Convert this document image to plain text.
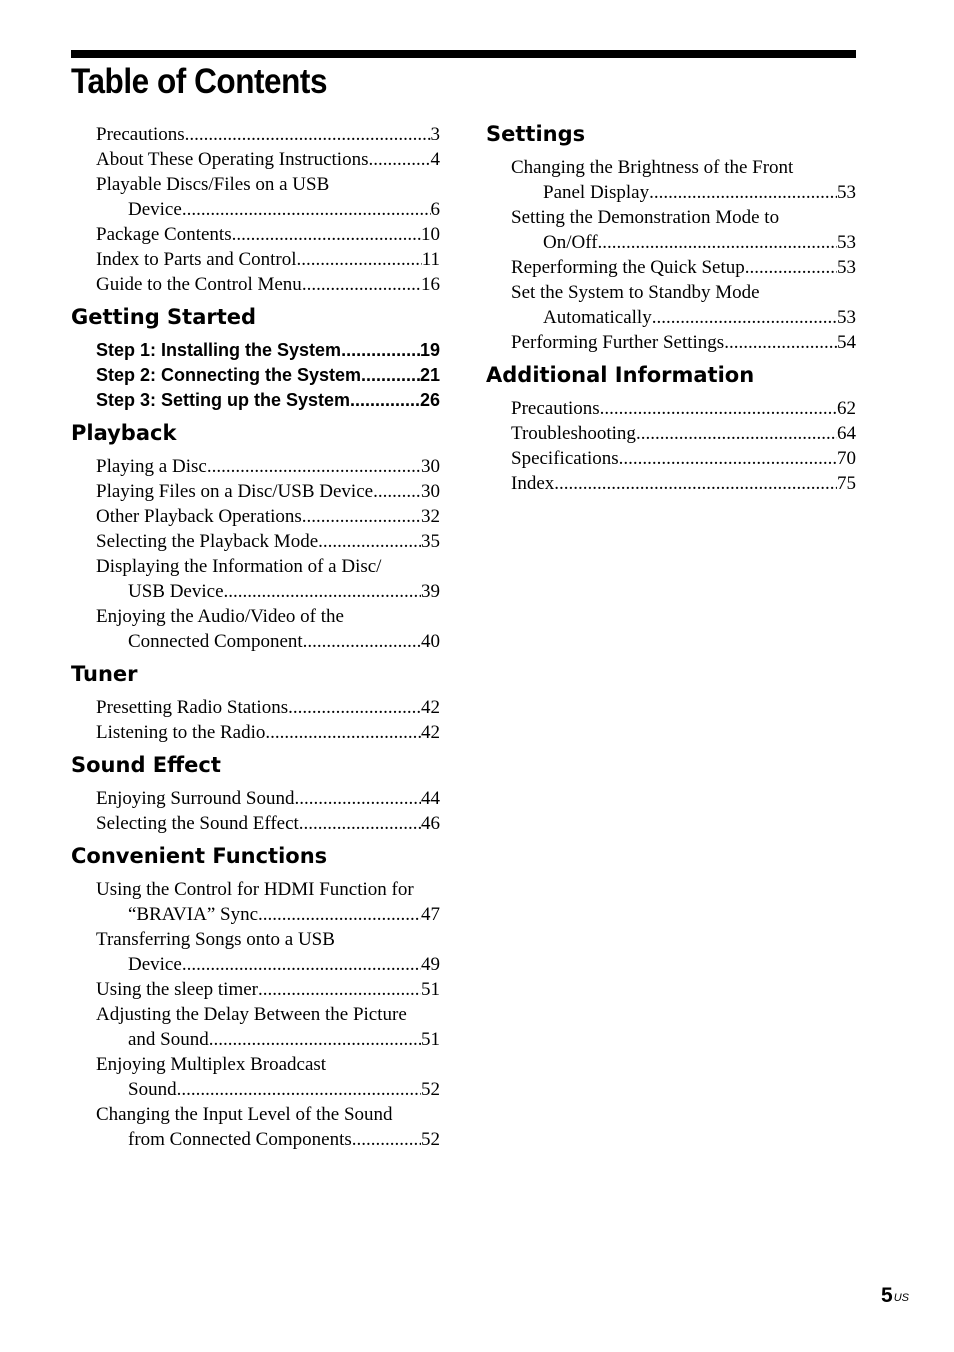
Table of Contents
Precautions .....	3
About These Operating Instructions .....	4
Playable Discs/Files on a USB
Device .....	6
Package Contents .....	10
Index to Parts and Control .....	11
Guide to the Control Menu .....	16
Getting Started
Step 1: Installing the System .....	19
Step 2: Connecting the System .....	21
Step 3: Setting up the System .....	26
Playback
Playing a Disc .....	30
Playing Files on a Disc/USB Device .....	30
Other Playback Operations .....	32
Selecting the Playback Mode .....	35
Displaying the Information of a Disc/
USB Device .....	39
Enjoying the Audio/Video of the
Connected Component .....	40
Tuner
Presetting Radio Stations .....	42
Listening to the Radio .....	42
Sound Effect
Enjoying Surround Sound .....	44
Selecting the Sound Effect .....	46
Convenient Functions
Using the Control for HDMI Function for
“BRAVIA” Sync .....	47
Transferring Songs onto a USB
Device .....	49
Using the sleep timer .....	51
Adjusting the Delay Between the Picture
and Sound .....	51
Enjoying Multiplex Broadcast
Sound .....	52
Changing the Input Level of the Sound
from Connected Components .....	52
Settings
Changing the Brightness of the Front
Panel Display .....	53
Setting the Demonstration Mode to
On/Off .....	53
Reperforming the Quick Setup .....	53
Set the System to Standby Mode
Automatically .....	53
Performing Further Settings .....	54
Additional Information
Precautions .....	62
Troubleshooting .....	64
Specifications .....	70
Index .....	75
$5^{US}$
